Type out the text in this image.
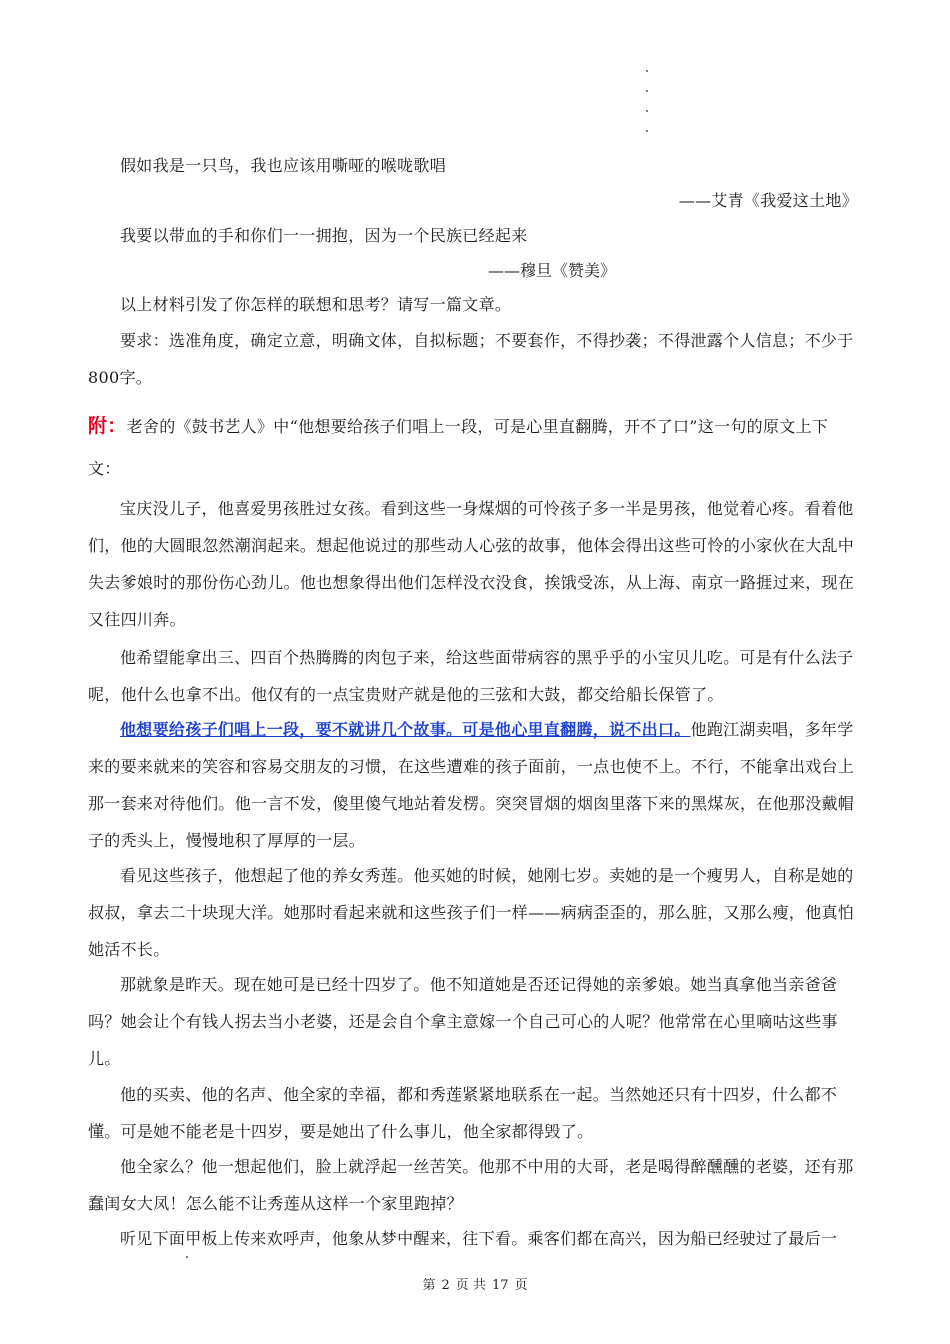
假如我是一只鸟，我也应该用嘶哑的喉咙歌唱
——艾青《我爱这土地》
我要以带血的手和你们一一拥抱，因为一个民族已经起来
——穆旦《赞美》
以上材料引发了你怎样的联想和思考？请写一篇文章。
要求：选准角度，确定立意，明确文体，自拟标题；不要套作，不得抄袭；不得泄露个人信息；不少于800字。
附：老舍的《鼓书艺人》中“他想要给孩子们唱上一段，可是心里直翻腾，开不了口”这一句的原文上下文：
宝庆没儿子，他喜爱男孩胜过女孩。看到这些一身煤烟的可怜孩子多一半是男孩，他觉着心疼。看着他们，他的大圆眼忽然潮润起来。想起他说过的那些动人心弦的故事，他体会得出这些可怜的小家伙在大乱中失去爹娘时的那份伤心劲儿。他也想象得出他们怎样没衣没食，挨饿受冻，从上海、南京一路捱过来，现在又往四川奔。
他希望能拿出三、四百个热腾腾的肉包子来，给这些面带病容的黑乎乎的小宝贝儿吃。可是有什么法子呢，他什么也拿不出。他仅有的一点宝贵财产就是他的三弦和大鼓，都交给船长保管了。
他想要给孩子们唱上一段，要不就讲几个故事。可是他心里直翻腾，说不出口。他跑江湖卖唱，多年学来的要来就来的笑容和容易交朋友的习惯，在这些遭难的孩子面前，一点也使不上。不行，不能拿出戏台上那一套来对待他们。他一言不发，傻里傻气地站着发楞。突突冒烟的烟囱里落下来的黑煤灰，在他那没戴帽子的秃头上，慢慢地积了厚厚的一层。
看见这些孩子，他想起了他的养女秀莲。他买她的时候，她刚七岁。卖她的是一个瘦男人，自称是她的叔叔，拿去二十块现大洋。她那时看起来就和这些孩子们一样——病病歪歪的，那么脏，又那么瘦，他真怕她活不长。
那就象是昨天。现在她可是已经十四岁了。他不知道她是否还记得她的亲爹娘。她当真拿他当亲爸爸吗？她会让个有钱人拐去当小老婆，还是会自个拿主意嫁一个自己可心的人呢？他常常在心里嘀咕这些事儿。
他的买卖、他的名声、他全家的幸福，都和秀莲紧紧地联系在一起。当然她还只有十四岁，什么都不懂。可是她不能老是十四岁，要是她出了什么事儿，他全家都得毁了。
他全家么？他一想起他们，脸上就浮起一丝苦笑。他那不中用的大哥，老是喝得醉醺醺的老婆，还有那蠢闺女大凤！怎么能不让秀莲从这样一个家里跑掉？
听见下面甲板上传来欢呼声，他象从梦中醒来，往下看。乘客们都在高兴，因为船已经驶过了最后一
第 2 页 共 17 页
